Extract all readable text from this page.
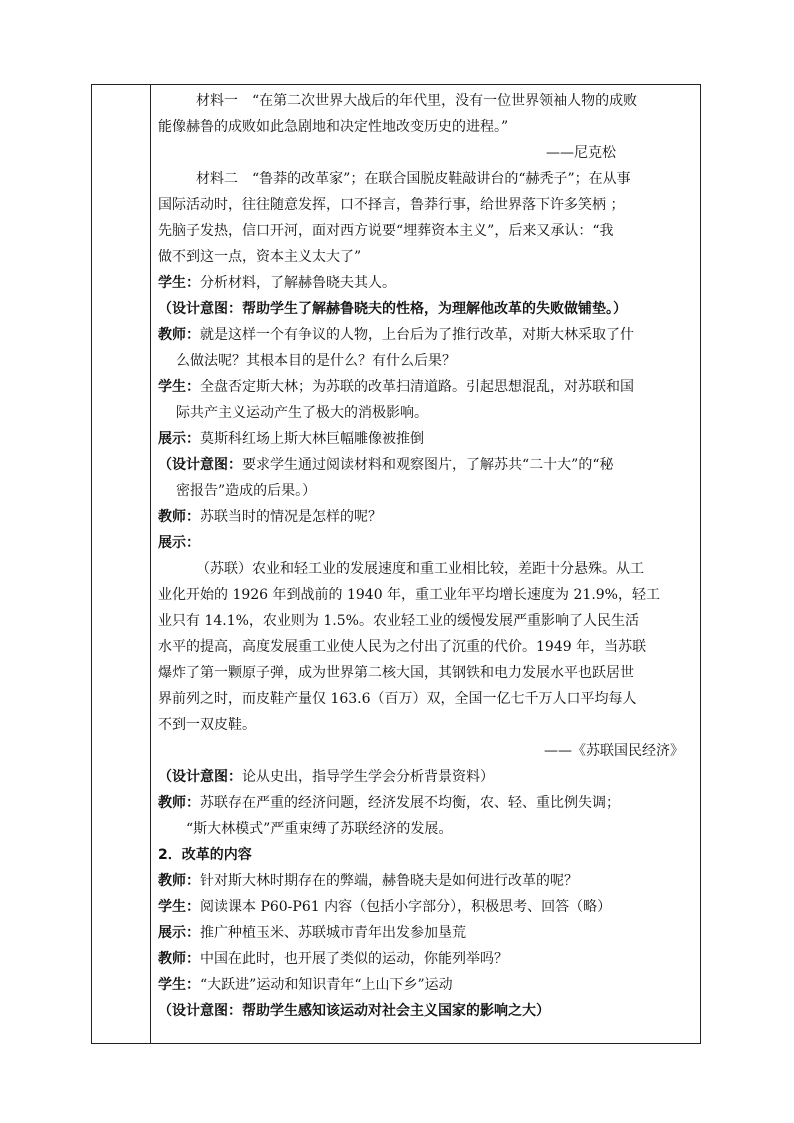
材料一　“在第二次世界大战后的年代里，没有一位世界领袖人物的成败
能像赫鲁的成败如此急剧地和决定性地改变历史的进程。”
——尼克松
材料二　“鲁莽的改革家”；在联合国脱皮鞋敲讲台的“赫秃子”；在从事
国际活动时，往往随意发挥，口不择言，鲁莽行事，给世界落下许多笑柄 ；
先脑子发热，信口开河，面对西方说要“埋葬资本主义”，后来又承认：“我
做不到这一点，资本主义太大了”
学生：分析材料，了解赫鲁晓夫其人。
（设计意图：帮助学生了解赫鲁晓夫的性格，为理解他改革的失败做铺垫。）
教师：就是这样一个有争议的人物，上台后为了推行改革，对斯大林采取了什
么做法呢？其根本目的是什么？有什么后果？
学生：全盘否定斯大林；为苏联的改革扫清道路。引起思想混乱，对苏联和国
际共产主义运动产生了极大的消极影响。
展示：莫斯科红场上斯大林巨幅雕像被推倒
（设计意图：要求学生通过阅读材料和观察图片，了解苏共“二十大”的“秘
密报告”造成的后果。）
教师：苏联当时的情况是怎样的呢？
展示：
（苏联）农业和轻工业的发展速度和重工业相比较，差距十分悬殊。从工
业化开始的 1926 年到战前的 1940 年，重工业年平均增长速度为 21.9%，轻工
业只有 14.1%，农业则为 1.5%。农业轻工业的缓慢发展严重影响了人民生活
水平的提高，高度发展重工业使人民为之付出了沉重的代价。1949 年，当苏联
爆炸了第一颗原子弹，成为世界第二核大国，其钢铁和电力发展水平也跃居世
界前列之时，而皮鞋产量仅 163.6（百万）双，全国一亿七千万人口平均每人
不到一双皮鞋。
——《苏联国民经济》
（设计意图：论从史出，指导学生学会分析背景资料）
教师：苏联存在严重的经济问题，经济发展不均衡，农、轻、重比例失调；
“斯大林模式”严重束缚了苏联经济的发展。
2．改革的内容
教师：针对斯大林时期存在的弊端，赫鲁晓夫是如何进行改革的呢？
学生：阅读课本 P60-P61 内容（包括小字部分），积极思考、回答（略）
展示：推广种植玉米、苏联城市青年出发参加垦荒
教师：中国在此时，也开展了类似的运动，你能列举吗？
学生：“大跃进”运动和知识青年“上山下乡”运动
（设计意图：帮助学生感知该运动对社会主义国家的影响之大）
